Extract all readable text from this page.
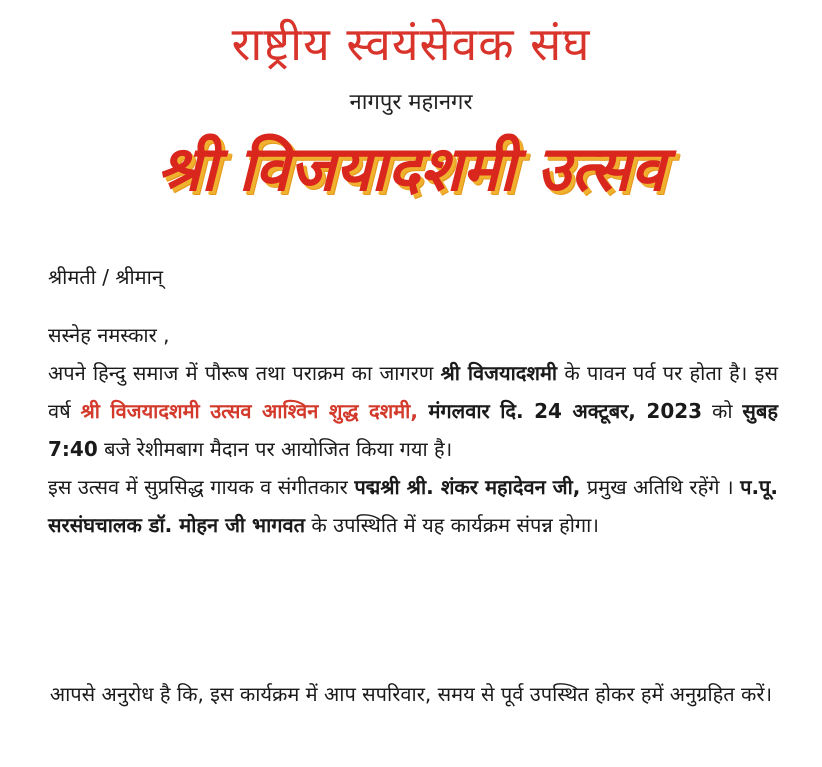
राष्ट्रीय स्वयंसेवक संघ
नागपुर महानगर
श्री विजयादशमी उत्सव
श्रीमती / श्रीमान्

सस्नेह नमस्कार ,

अपने हिन्दु समाज में पौरूष तथा पराक्रम का जागरण श्री विजयादशमी के पावन पर्व पर होता है। इस वर्ष श्री विजयादशमी उत्सव आश्विन शुद्ध दशमी, मंगलवार दि. 24 अक्टूबर, 2023 को सुबह 7:40 बजे रेशीमबाग मैदान पर आयोजित किया गया है।

इस उत्सव में सुप्रसिद्ध गायक व संगीतकार पद्मश्री श्री. शंकर महादेवन जी, प्रमुख अतिथि रहेंगे । प.पू. सरसंघचालक डॉ. मोहन जी भागवत के उपस्थिति में यह कार्यक्रम संपन्न होगा।

आपसे अनुरोध है कि, इस कार्यक्रम में आप सपरिवार, समय से पूर्व उपस्थित होकर हमें अनुग्रहित करें।
